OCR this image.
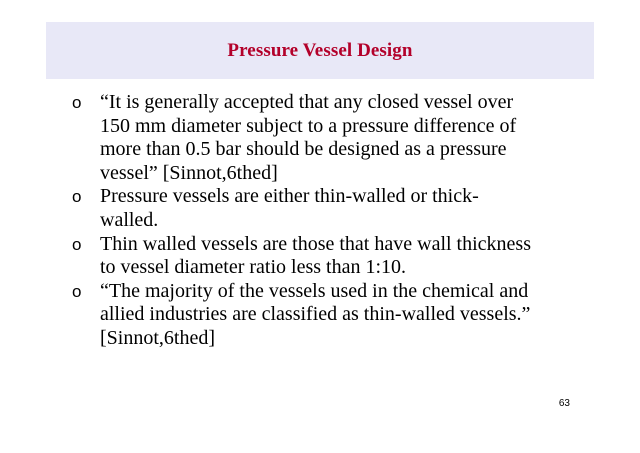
Pressure Vessel Design
o “It is generally accepted that any closed vessel over
150 mm diameter subject to a pressure difference of
more than 0.5 bar should be designed as a pressure
vessel” [Sinnot,6thed]
o Pressure vessels are either thin-walled or thick-
walled.
o Thin walled vessels are those that have wall thickness
to vessel diameter ratio less than 1:10.
o “The majority of the vessels used in the chemical and
allied industries are classified as thin-walled vessels.”
[Sinnot,6thed]
63
